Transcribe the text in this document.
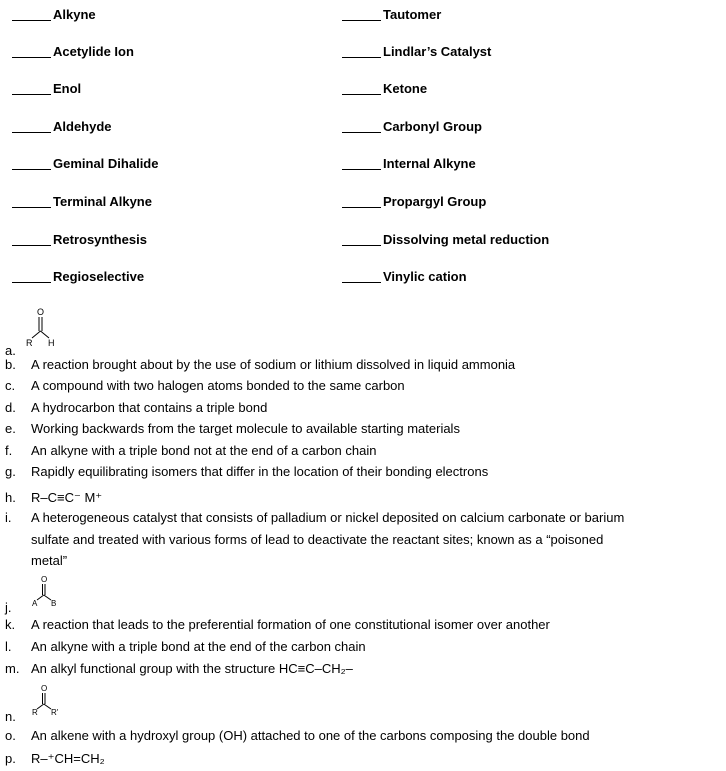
Alkyne	Tautomer
Acetylide Ion	Lindlar’s Catalyst
Enol	Ketone
Aldehyde	Carbonyl Group
Geminal Dihalide	Internal Alkyne
Terminal Alkyne	Propargyl Group
Retrosynthesis	Dissolving metal reduction
Regioselective	Vinylic cation
a.
O
R H
b. A reaction brought about by the use of sodium or lithium dissolved in liquid ammonia
c. A compound with two halogen atoms bonded to the same carbon
d. A hydrocarbon that contains a triple bond
e. Working backwards from the target molecule to available starting materials
f. An alkyne with a triple bond not at the end of a carbon chain
g. Rapidly equilibrating isomers that differ in the location of their bonding electrons
h. R–C≡C⁻ M⁺
i. A heterogeneous catalyst that consists of palladium or nickel deposited on calcium carbonate or barium sulfate and treated with various forms of lead to deactivate the reactant sites; known as a “poisoned metal”
j.
O
A B
k. A reaction that leads to the preferential formation of one constitutional isomer over another
l. An alkyne with a triple bond at the end of the carbon chain
m. An alkyl functional group with the structure HC≡C–CH₂–
n.
O
R R'
o. An alkene with a hydroxyl group (OH) attached to one of the carbons composing the double bond
p. R–⁺CH=CH₂
